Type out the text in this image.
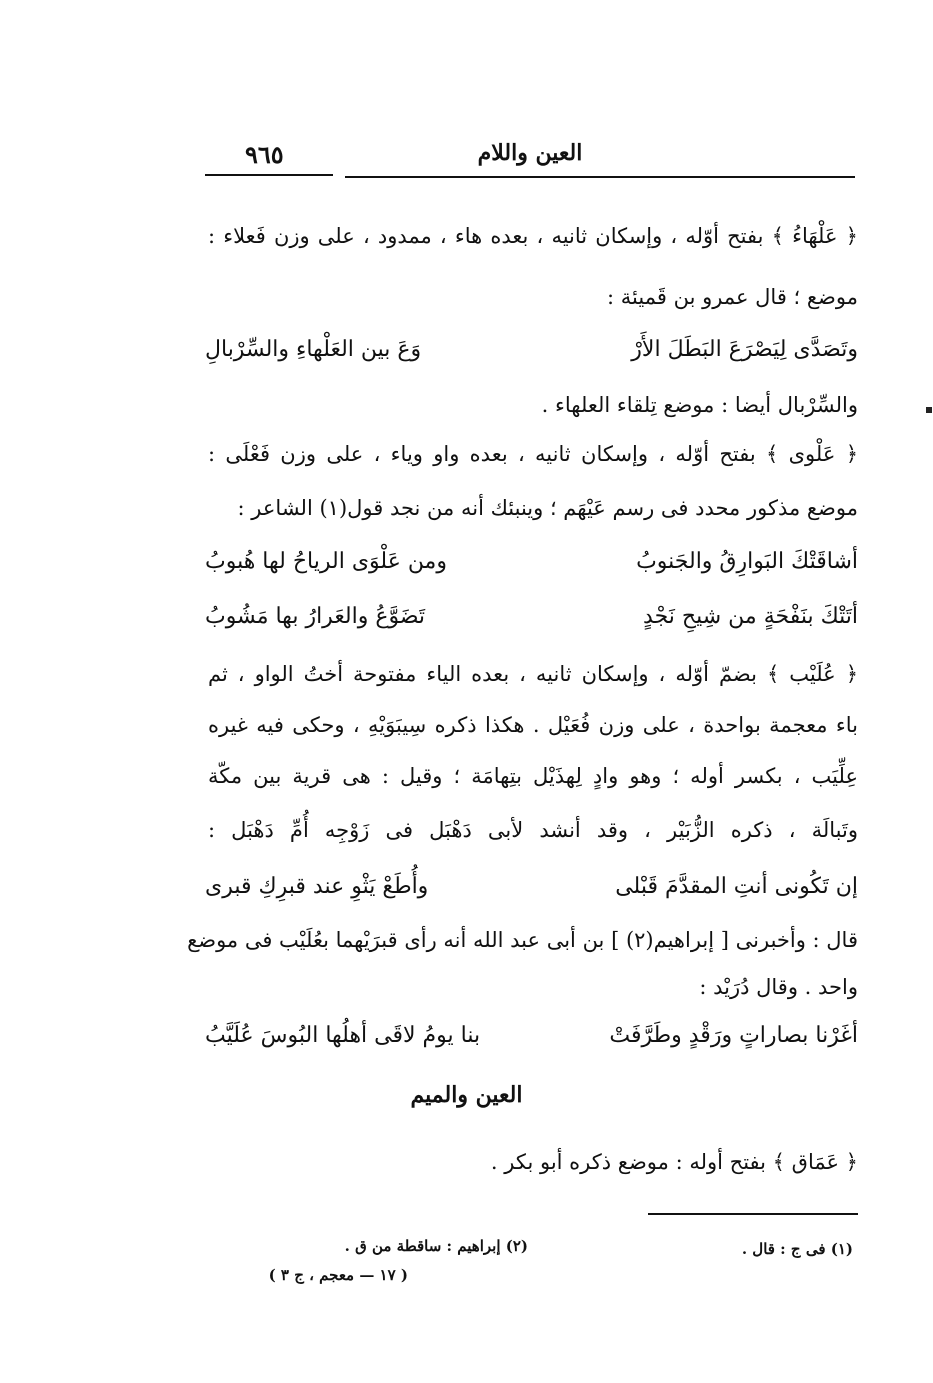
٩٦٥	العين واللام
﴿ عَلْهَاءُ ﴾ بفتح أوّله ، وإسكان ثانيه ، بعده هاء ، ممدود ، على وزن فَعلاء :
موضع ؛ قال عمرو بن قَميئة :
وتَصَدَّى لِيَصْرَعَ البَطَلَ الأَرْ
وَعَ بين العَلْهاءِ والسِّرْبالِ
والسِّرْبال أيضا : موضع تِلقاء العلهاء .
﴿ عَلْوى ﴾ بفتح أوّله ، وإسكان ثانيه ، بعده واو وياء ، على وزن فَعْلَى :
موضع مذكور محدد فى رسم عَيْهَم ؛ وينبئك أنه من نجد قول(١) الشاعر :
أشاقَتْكَ البَوارِقُ والجَنوبُ
ومن عَلْوَى الرياحُ لها هُبوبُ
أتَتْكَ بنَفْحَةٍ من شِيحِ نَجْدٍ
تَضَوَّعُ والعَرارُ بها مَشُوبُ
﴿ عُلَيْب ﴾ بضمّ أوّله ، وإسكان ثانيه ، بعده الياء مفتوحة أختُ الواو ، ثم
باء معجمة بواحدة ، على وزن فُعَيْل . هكذا ذكره سِيبَوَيْهِ ، وحكى فيه غيره
عِلِّيَب ، بكسر أوله ؛ وهو وادٍ لِهذَيْل بتِهامَة ؛ وقيل : هى قرية بين مكّة
وتَبالَة ، ذكره الزُّبَيْر ، وقد أنشد لأبى دَهْبَل فى زَوْجِه أُمِّ دَهْبَل :
إن تَكُونى أنتِ المقدَّمَ قَبْلى
وأُطَعْ يَثْوِ عند قبرِكِ قبرى
قال : وأخبرنى [ إبراهيم(٢) ] بن أبى عبد الله أنه رأى قبرَيْهما بعُلَيْب فى موضع
واحد . وقال دُرَيْد :
أغَرْنا بصاراتٍ ورَقْدٍ وطَرَّفَتْ
بنا يومُ لاقَى أهلُها البُوسَ عُلَيَّبُ
العين والميم
﴿ عَمَاق ﴾ بفتح أوله : موضع ذكره أبو بكر .
(١) فى ج : قال .
(٢) إبراهيم : ساقطة من ق .
( ١٧ — معجم ، ج ٣ )
